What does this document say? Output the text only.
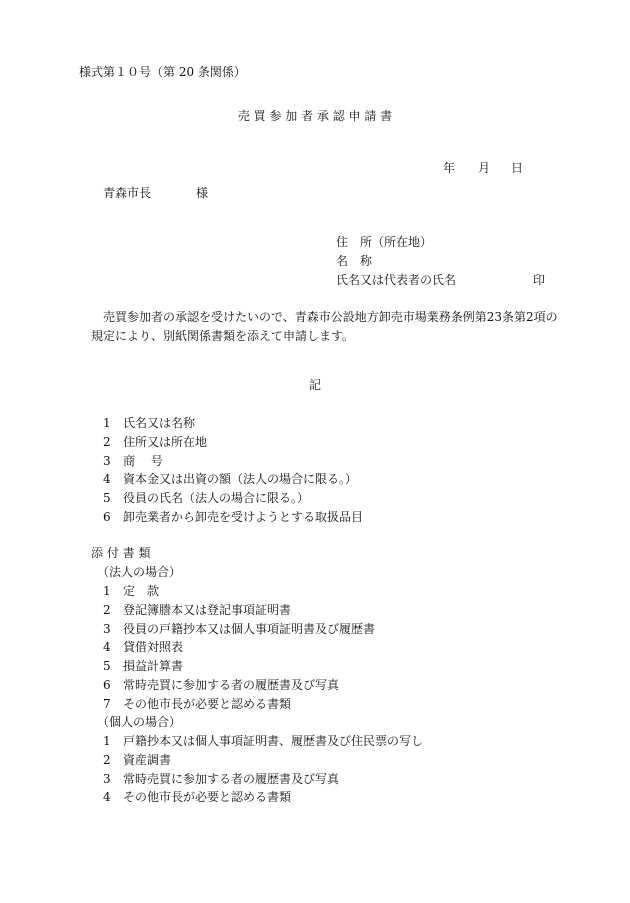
様式第１０号（第 20 条関係）
売 買 参 加 者 承 認 申 請 書
年 月 日
青森市長	様
住　所（所在地）
名　称
氏名又は代表者の氏名	印
売買参加者の承認を受けたいので、青森市公設地方卸売市場業務条例第23条第2項の
規定により、別紙関係書類を添えて申請します。
記
1 氏名又は名称
2 住所又は所在地
3 商　 号
4 資本金又は出資の額（法人の場合に限る。）
5 役員の氏名（法人の場合に限る。）
6 卸売業者から卸売を受けようとする取扱品目
添 付 書 類
（法人の場合）
1 定　款
2 登記簿謄本又は登記事項証明書
3 役員の戸籍抄本又は個人事項証明書及び履歴書
4 貸借対照表
5 損益計算書
6 常時売買に参加する者の履歴書及び写真
7 その他市長が必要と認める書類
（個人の場合）
1 戸籍抄本又は個人事項証明書、履歴書及び住民票の写し
2 資産調書
3 常時売買に参加する者の履歴書及び写真
4 その他市長が必要と認める書類
